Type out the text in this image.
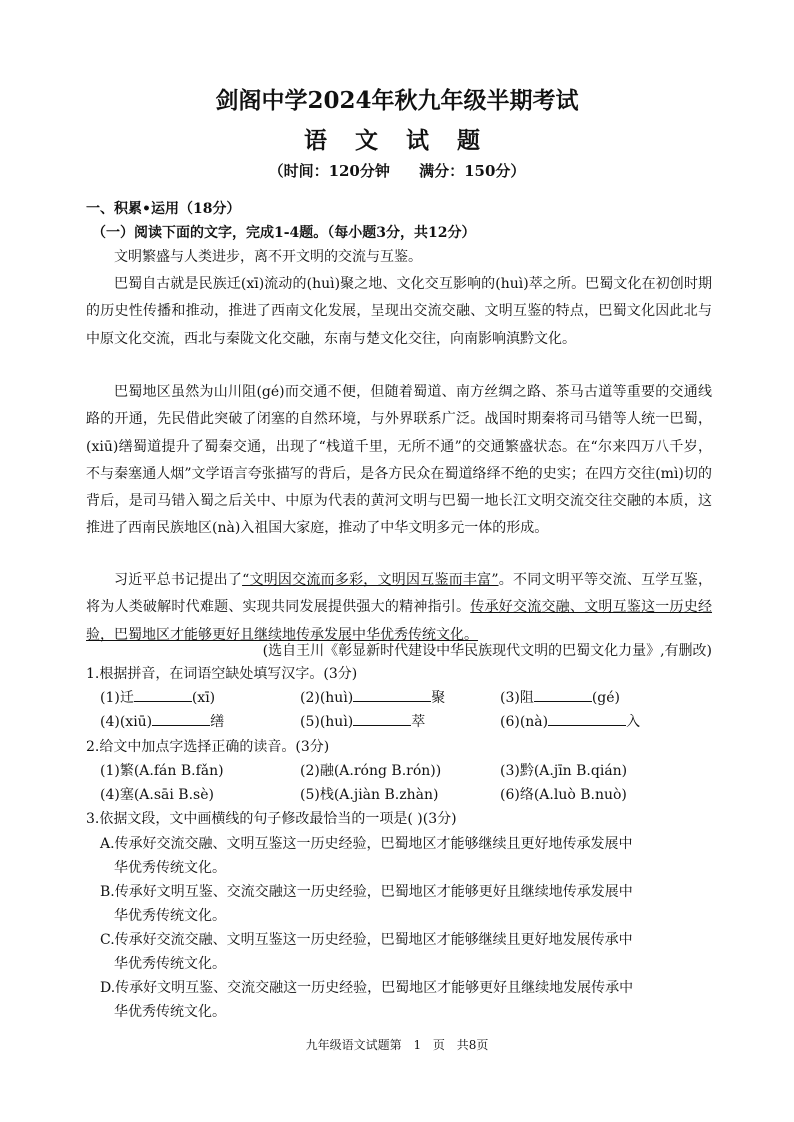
剑阁中学2024年秋九年级半期考试
语 文 试 题
（时间：120分钟 满分：150分）
一、积累•运用（18分）
（一）阅读下面的文字，完成1-4题。（每小题3分，共12分）
文明繁盛与人类进步，离不开文明的交流与互鉴。
巴蜀自古就是民族迁(xī)流动的(huì)聚之地、文化交互影响的(huì)萃之所。巴蜀文化在初创时期的历史性传播和推动，推进了西南文化发展，呈现出交流交融、文明互鉴的特点，巴蜀文化因此北与中原文化交流，西北与秦陇文化交融，东南与楚文化交往，向南影响滇黔文化。
巴蜀地区虽然为山川阻(gé)而交通不便，但随着蜀道、南方丝绸之路、茶马古道等重要的交通线路的开通，先民借此突破了闭塞的自然环境，与外界联系广泛。战国时期秦将司马错等人统一巴蜀，(xiū)缮蜀道提升了蜀秦交通，出现了“栈道千里，无所不通”的交通繁盛状态。在“尔来四万八千岁，不与秦塞通人烟”文学语言夸张描写的背后，是各方民众在蜀道络绎不绝的史实；在四方交往(mì)切的背后，是司马错入蜀之后关中、中原为代表的黄河文明与巴蜀一地长江文明交流交往交融的本质，这推进了西南民族地区(nà)入祖国大家庭，推动了中华文明多元一体的形成。
习近平总书记提出了“文明因交流而多彩，文明因互鉴而丰富”。不同文明平等交流、互学互鉴，将为人类破解时代难题、实现共同发展提供强大的精神指引。传承好交流交融、文明互鉴这一历史经验，巴蜀地区才能够更好且继续地传承发展中华优秀传统文化。
(选自王川《彰显新时代建设中华民族现代文明的巴蜀文化力量》,有删改)
1.根据拼音，在词语空缺处填写汉字。(3分)
(1)迁	(xī)	(2)(huì)	聚	(3)阻	(gé)
(4)(xiū)	缮	(5)(huì)	萃	(6)(nà)	入
2.给文中加点字选择正确的读音。(3分)
(1)繁(A.fán B.fǎn)	(2)融(A.róng B.rón))	(3)黔(A.jīn B.qián)
(4)塞(A.sāi B.sè)	(5)栈(A.jiàn B.zhàn)	(6)络(A.luò B.nuò)
3.依据文段，文中画横线的句子修改最恰当的一项是( )(3分)
A.传承好交流交融、文明互鉴这一历史经验，巴蜀地区才能够继续且更好地传承发展中
华优秀传统文化。
B.传承好文明互鉴、交流交融这一历史经验，巴蜀地区才能够更好且继续地传承发展中
华优秀传统文化。
C.传承好交流交融、文明互鉴这一历史经验，巴蜀地区才能够继续且更好地发展传承中
华优秀传统文化。
D.传承好文明互鉴、交流交融这一历史经验，巴蜀地区才能够更好且继续地发展传承中
华优秀传统文化。
九年级语文试题第 1 页 共8页
